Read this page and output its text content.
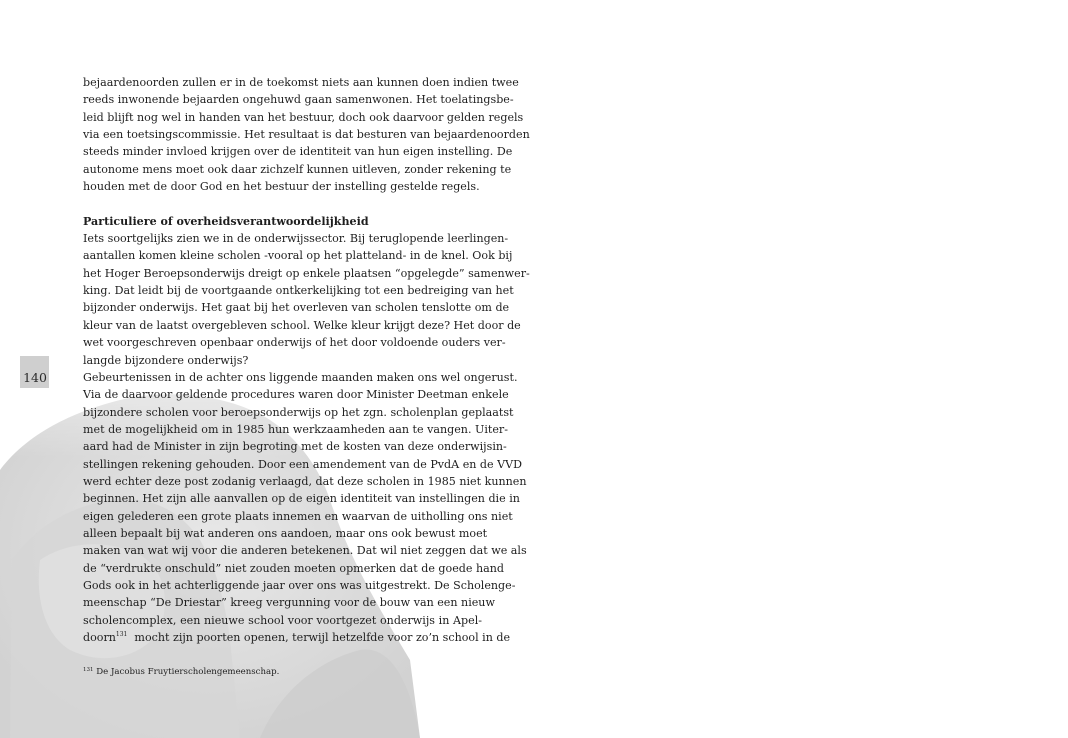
140
bejaardenoorden zullen er in de toekomst niets aan kunnen doen indien twee
reeds inwonende bejaarden ongehuwd gaan samenwonen. Het toelatingsbe-
leid blijft nog wel in handen van het bestuur, doch ook daarvoor gelden regels
via een toetsingscommissie. Het resultaat is dat besturen van bejaardenoorden
steeds minder invloed krijgen over de identiteit van hun eigen instelling. De
autonome mens moet ook daar zichzelf kunnen uitleven, zonder rekening te
houden met de door God en het bestuur der instelling gestelde regels.
Particuliere of overheidsverantwoordelijkheid
Iets soortgelijks zien we in de onderwijssector. Bij teruglopende leerlingen-
aantallen komen kleine scholen -vooral op het platteland- in de knel. Ook bij
het Hoger Beroepsonderwijs dreigt op enkele plaatsen “opgelegde” samenwer-
king. Dat leidt bij de voortgaande ontkerkelijking tot een bedreiging van het
bijzonder onderwijs. Het gaat bij het overleven van scholen tenslotte om de
kleur van de laatst overgebleven school. Welke kleur krijgt deze? Het door de
wet voorgeschreven openbaar onderwijs of het door voldoende ouders ver-
langde bijzondere onderwijs?
Gebeurtenissen in de achter ons liggende maanden maken ons wel ongerust.
Via de daarvoor geldende procedures waren door Minister Deetman enkele
bijzondere scholen voor beroepsonderwijs op het zgn. scholenplan geplaatst
met de mogelijkheid om in 1985 hun werkzaamheden aan te vangen. Uiter-
aard had de Minister in zijn begroting met de kosten van deze onderwijsin-
stellingen rekening gehouden. Door een amendement van de PvdA en de VVD
werd echter deze post zodanig verlaagd, dat deze scholen in 1985 niet kunnen
beginnen. Het zijn alle aanvallen op de eigen identiteit van instellingen die in
eigen gelederen een grote plaats innemen en waarvan de uitholling ons niet
alleen bepaalt bij wat anderen ons aandoen, maar ons ook bewust moet
maken van wat wij voor die anderen betekenen. Dat wil niet zeggen dat we als
de “verdrukte onschuld” niet zouden moeten opmerken dat de goede hand
Gods ook in het achterliggende jaar over ons was uitgestrekt. De Scholenge-
meenschap “De Driestar” kreeg vergunning voor de bouw van een nieuw
scholencomplex, een nieuwe school voor voortgezet onderwijs in Apel-
doorn$^{131}$  mocht zijn poorten openen, terwijl hetzelfde voor zo’n school in de
$^{131}$ De Jacobus Fruytierscholengemeenschap.
